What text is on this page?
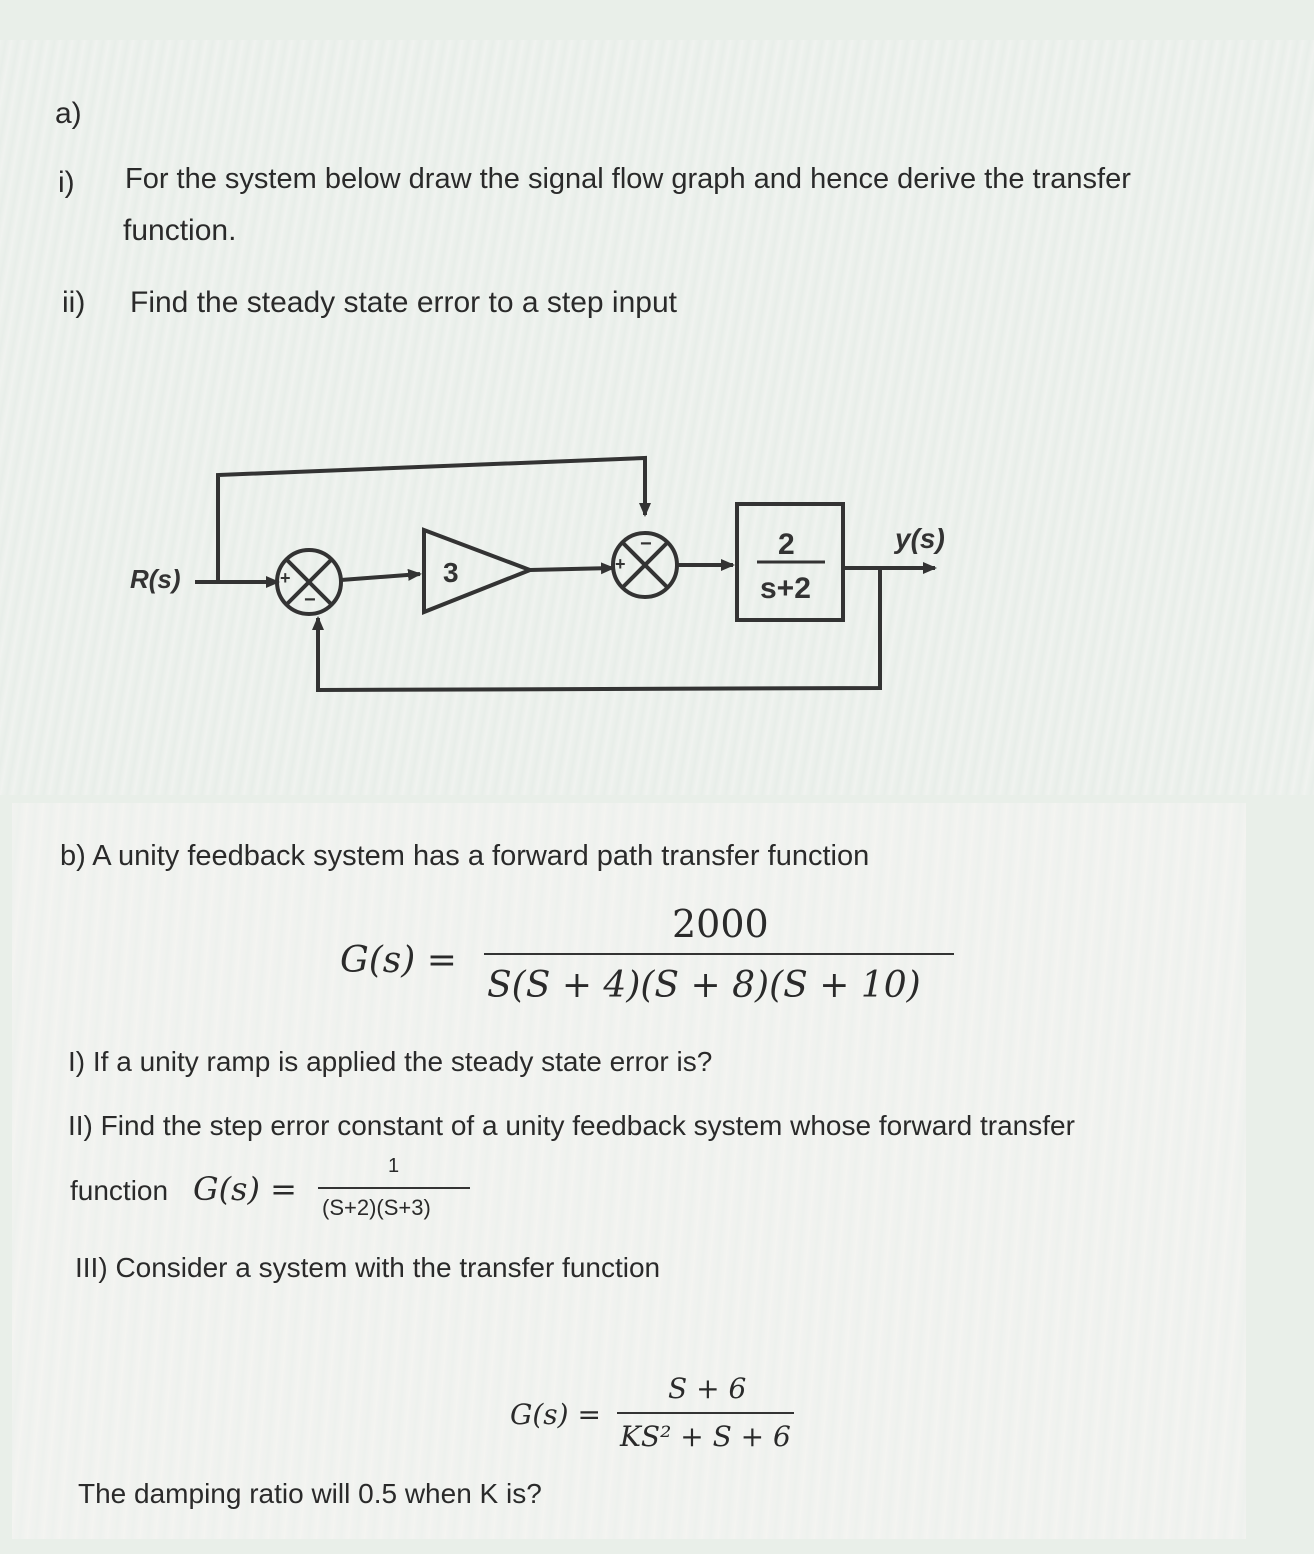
a)
i) For the system below draw the signal flow graph and hence derive the transfer
function.
ii) Find the steady state error to a step input
R(s)
y(s)
3
2
s+2
+
−
+
−
b) A unity feedback system has a forward path transfer function
G(s) =
2000
S(S + 4)(S + 8)(S + 10)
I) If a unity ramp is applied the steady state error is?
II) Find the step error constant of a unity feedback system whose forward transfer
function G(s) =
1
(S+2)(S+3)
III) Consider a system with the transfer function
G(s) =
S + 6
KS² + S + 6
The damping ratio will 0.5 when K is?
